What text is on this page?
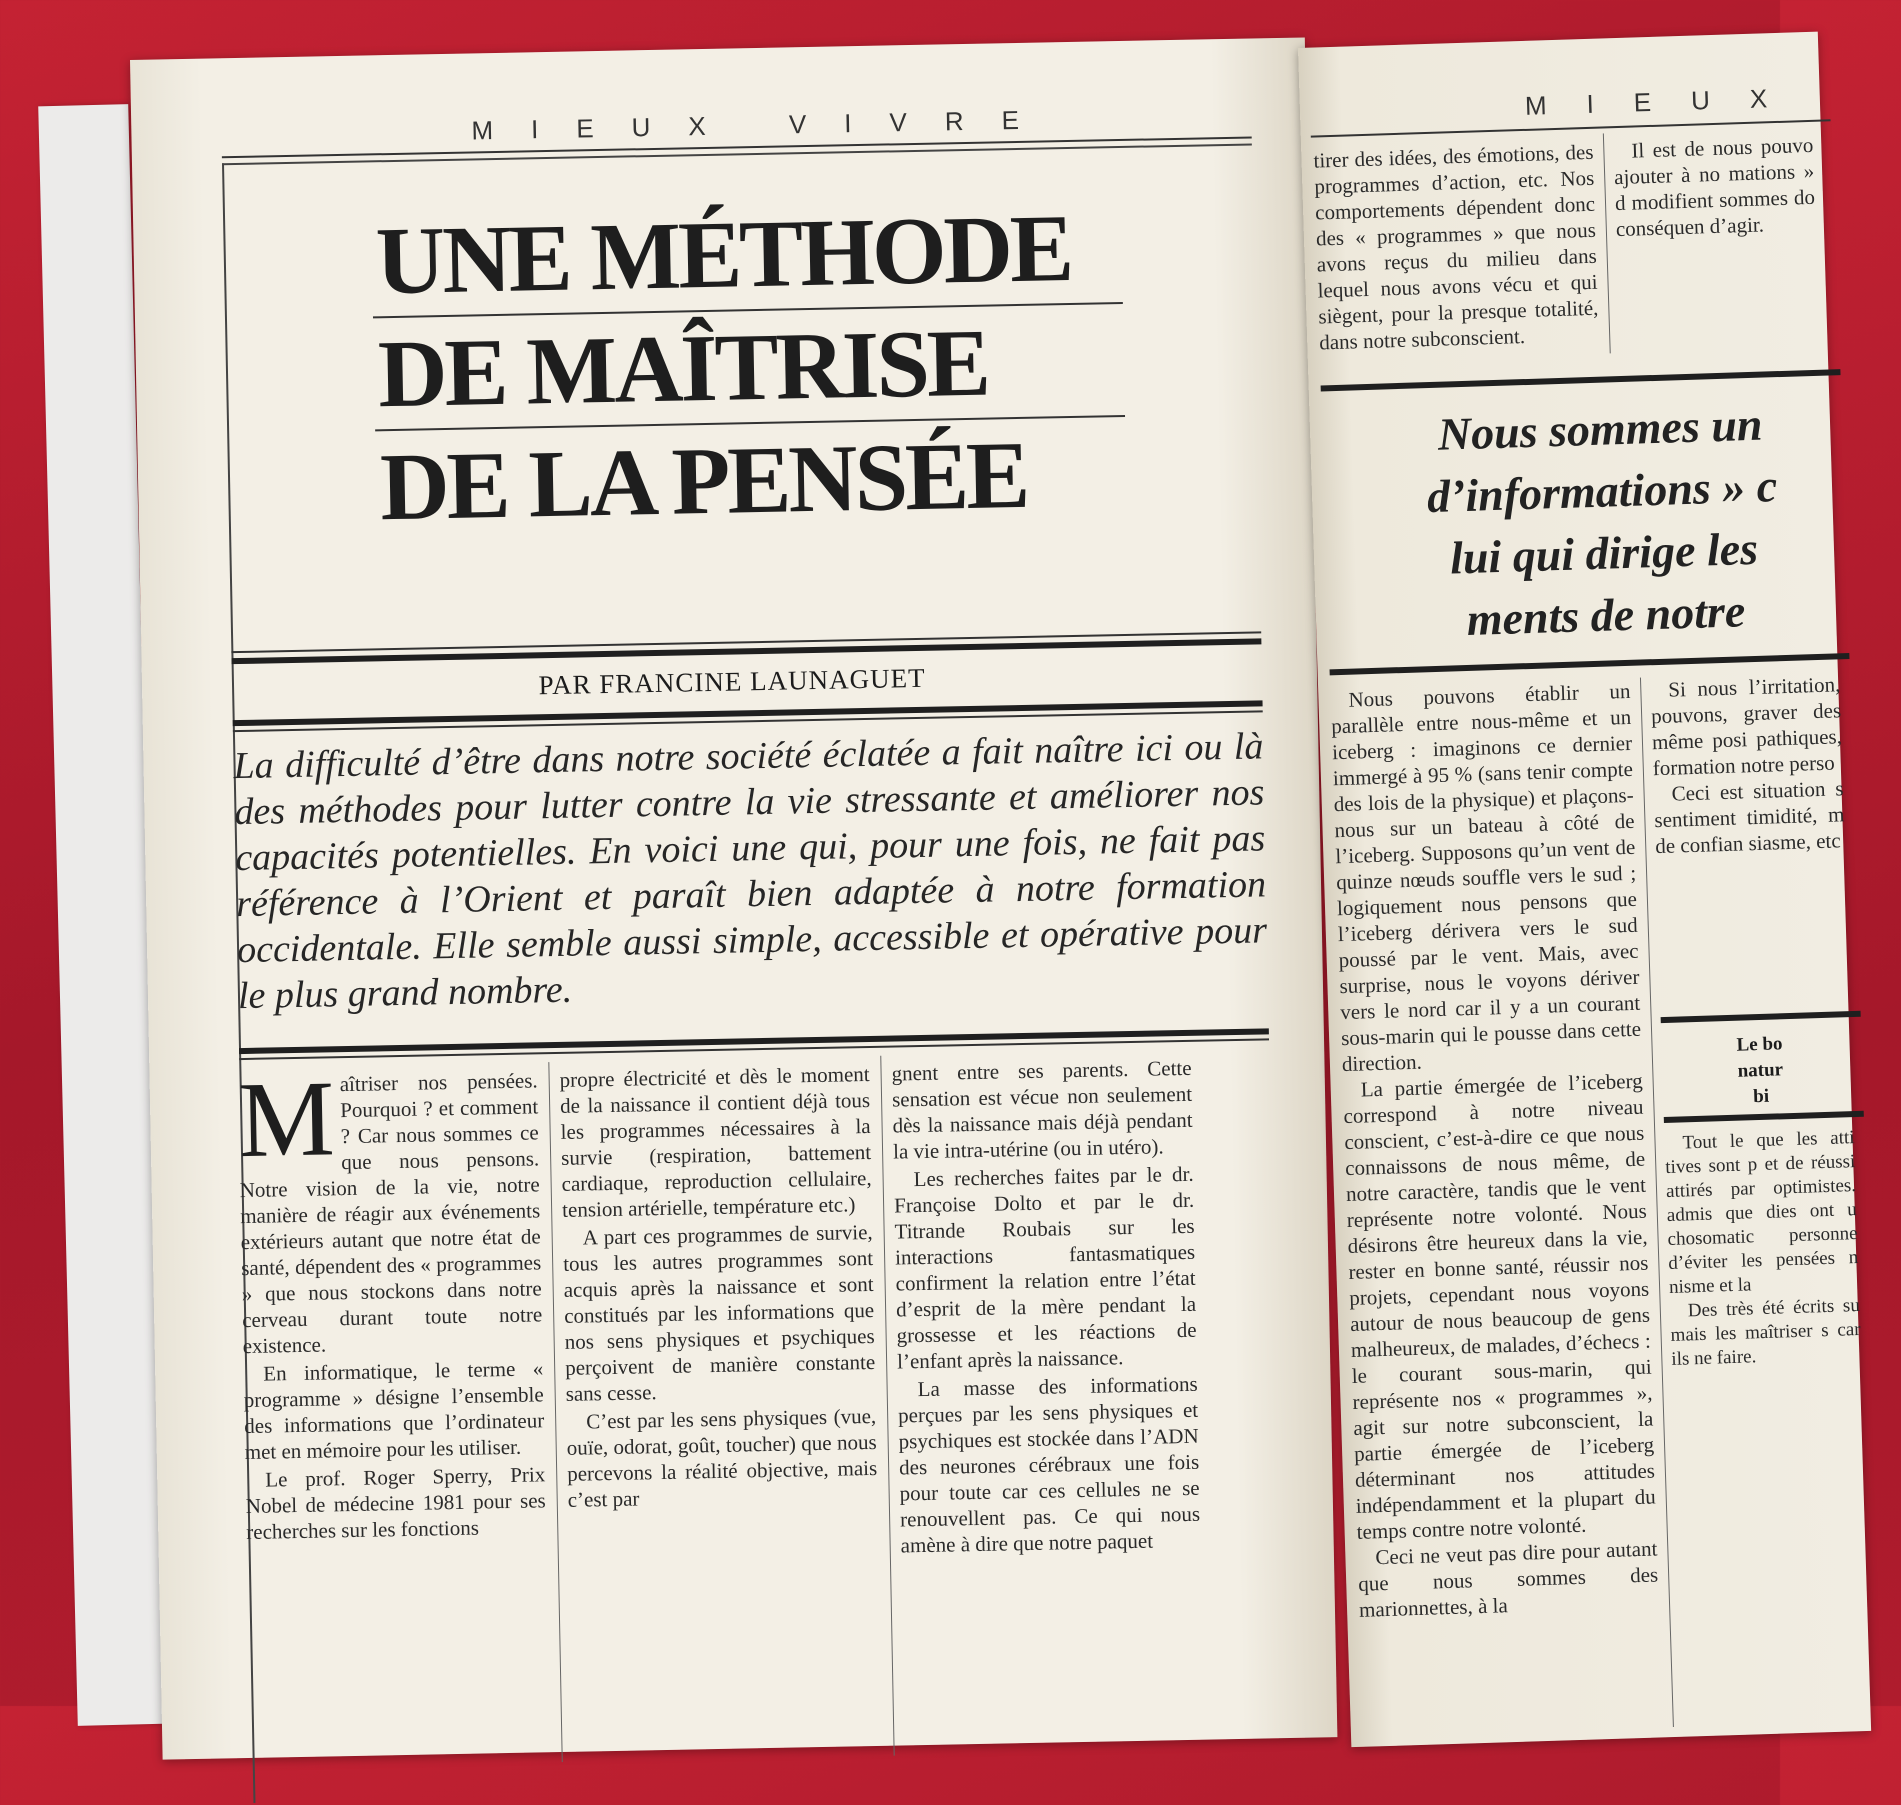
MIEUX VIVRE
UNE MÉTHODE
DE MAÎTRISE
DE LA PENSÉE
PAR FRANCINE LAUNAGUET
La difficulté d’être dans notre société éclatée a fait naître ici ou là des méthodes pour lutter contre la vie stressante et améliorer nos capacités potentielles. En voici une qui, pour une fois, ne fait pas référence à l’Orient et paraît bien adaptée à notre formation occidentale. Elle semble aussi simple, accessible et opérative pour le plus grand nombre.

Maîtriser nos pensées. Pourquoi ? et comment ? Car nous sommes ce que nous pensons. Notre vision de la vie, notre manière de réagir aux événements extérieurs autant que notre état de santé, dépendent des « programmes » que nous stockons dans notre cerveau durant toute notre existence.

En informatique, le terme « programme » désigne l’ensemble des informations que l’ordinateur met en mémoire pour les utiliser.

Le prof. Roger Sperry, Prix Nobel de médecine 1981 pour ses recherches sur les fonctions

propre électricité et dès le moment de la naissance il contient déjà tous les programmes nécessaires à la survie (respiration, battement cardiaque, reproduction cellulaire, tension artérielle, température etc.)

A part ces programmes de survie, tous les autres programmes sont acquis après la naissance et sont constitués par les informations que nos sens physiques et psychiques perçoivent de manière constante sans cesse.

C’est par les sens physiques (vue, ouïe, odorat, goût, toucher) que nous percevons la réalité objective, mais c’est par

gnent entre ses parents. Cette sensation est vécue non seulement dès la naissance mais déjà pendant la vie intra-utérine (ou in utéro).

Les recherches faites par le dr. Françoise Dolto et par le dr. Titrande Roubais sur les interactions fantasmatiques confirment la relation entre l’état d’esprit de la mère pendant la grossesse et les réactions de l’enfant après la naissance.

La masse des informations perçues par les sens physiques et psychiques est stockée dans l’ADN des neurones cérébraux une fois pour toute car ces cellules ne se renouvellent pas. Ce qui nous amène à dire que notre paquet

MIEUX

tirer des idées, des émotions, des programmes d’action, etc. Nos comportements dépendent donc des « programmes » que nous avons reçus du milieu dans lequel nous avons vécu et qui siègent, pour la presque totalité, dans notre subconscient.

Il est de nous pouvo ajouter à no mations » d modifient sommes do conséquen d’agir.

Nous sommes un
d’informations » c
lui qui dirige les
ments de notre

Nous pouvons établir un parallèle entre nous-même et un iceberg : imaginons ce dernier immergé à 95 % (sans tenir compte des lois de la physique) et plaçons-nous sur un bateau à côté de l’iceberg. Supposons qu’un vent de quinze nœuds souffle vers le sud ; logiquement nous pensons que l’iceberg dérivera vers le sud poussé par le vent. Mais, avec surprise, nous le voyons dériver vers le nord car il y a un courant sous-marin qui le pousse dans cette direction.

La partie émergée de l’iceberg correspond à notre niveau conscient, c’est-à-dire ce que nous connaissons de nous même, de notre caractère, tandis que le vent représente notre volonté. Nous désirons être heureux dans la vie, rester en bonne santé, réussir nos projets, cependant nous voyons autour de nous beaucoup de gens malheureux, de malades, d’échecs : le courant sous-marin, qui représente nos « programmes », agit sur notre subconscient, la partie émergée de l’iceberg déterminant nos attitudes indépendamment et la plupart du temps contre notre volonté.

Ceci ne veut pas dire pour autant que nous sommes des marionnettes, à la

Si nous l’irritation, pouvons, graver des même posi pathiques, formation notre perso

Ceci est situation s sentiment timidité, m de confian siasme, etc

Le bo
natur
bi

Tout le que les atti tives sont p et de réussi attirés par optimistes. admis que dies ont u chosomatic personne d’éviter les pensées n nisme et la

Des très été écrits su mais les maîtriser s car ils ne faire.
